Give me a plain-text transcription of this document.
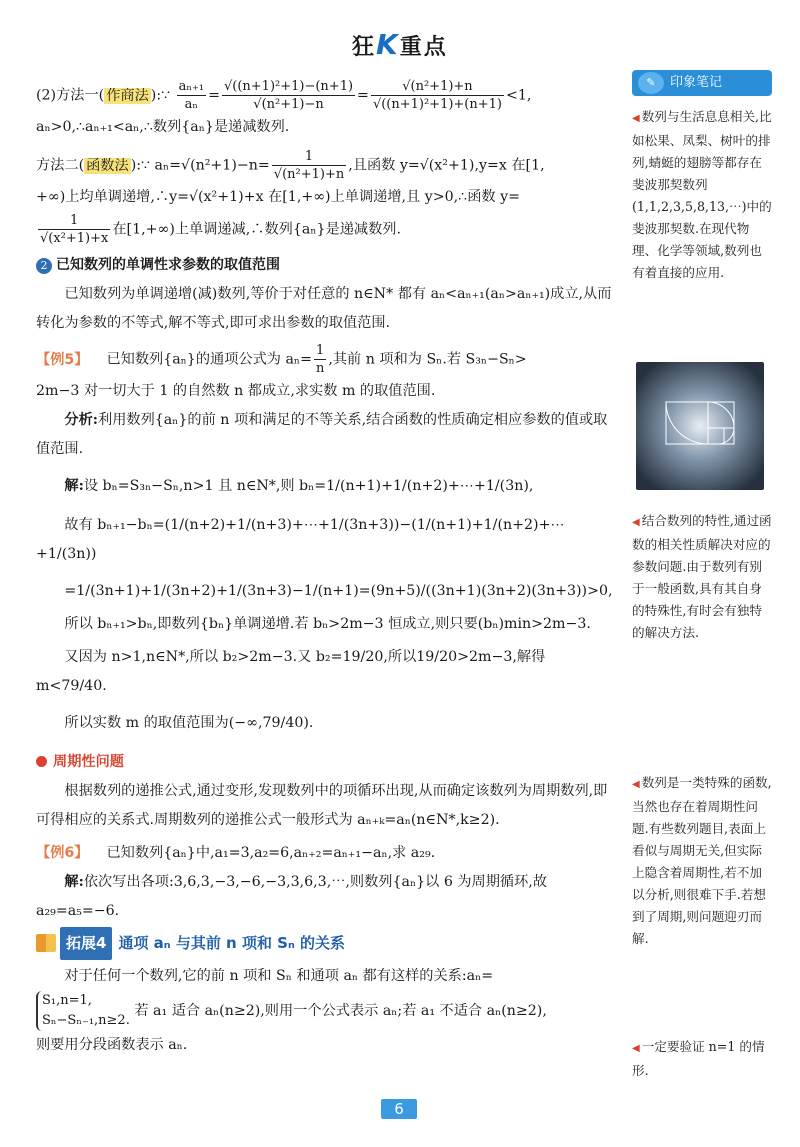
狂K重点

(2)方法一( 作商法 ):∵ $\frac{\text{aₙ₊₁}}{\text{aₙ}} = \frac{\text{√((n+1)²+1)−(n+1)}}{\text{√(n²+1)−n}} = \frac{\text{√(n²+1)+n}}{\text{√((n+1)²+1)+(n+1)}} <1$,

aₙ>0,∴aₙ₊₁<aₙ,∴数列{aₙ}是递减数列.

方法二( 函数法 ):∵ $a_n=√(n^2+1)-n= \frac{1}{\text{√(n²+1)+n}}$ ,且函数 y=√(x²+1),y=x 在[1,

+∞)上均单调递增,∴y=√(x²+1)+x 在[1,+∞)上单调递增,且 y>0,∴函数 y=

$\frac{1}{\text{√(x²+1)+x}}$ 在[1,+∞)上单调递减,∴数列{aₙ}是递减数列.

2 已知数列的单调性求参数的取值范围

已知数列为单调递增(减)数列,等价于对任意的 n∈N* 都有 aₙ<aₙ₊₁(aₙ>aₙ₊₁)成立,从而转化为参数的不等式,解不等式,即可求出参数的取值范围.

【例5】 已知数列{aₙ}的通项公式为 $a_n= \frac{1}{n}$ ,其前 n 项和为 Sₙ.若 S₃ₙ−Sₙ>

2m−3 对一切大于 1 的自然数 n 都成立,求实数 m 的取值范围.

分析:利用数列{aₙ}的前 n 项和满足的不等关系,结合函数的性质确定相应参数的值或取值范围.

解:设 bₙ=S₃ₙ−Sₙ,n>1 且 n∈N*,则 bₙ=1/(n+1)+1/(n+2)+⋯+1/(3n),

故有 bₙ₊₁−bₙ=(1/(n+2)+1/(n+3)+⋯+1/(3n+3))−(1/(n+1)+1/(n+2)+⋯+1/(3n))

=1/(3n+1)+1/(3n+2)+1/(3n+3)−1/(n+1)=(9n+5)/((3n+1)(3n+2)(3n+3))>0,

所以 bₙ₊₁>bₙ,即数列{bₙ}单调递增.若 bₙ>2m−3 恒成立,则只要(bₙ)min>2m−3.

又因为 n>1,n∈N*,所以 b₂>2m−3.又 b₂=19/20,所以19/20>2m−3,解得 m<79/40.

所以实数 m 的取值范围为(−∞,79/40).

周期性问题

根据数列的递推公式,通过变形,发现数列中的项循环出现,从而确定该数列为周期数列,即可得相应的关系式.周期数列的递推公式一般形式为 aₙ₊ₖ=aₙ(n∈N*,k≥2).

【例6】 已知数列{aₙ}中,a₁=3,a₂=6,aₙ₊₂=aₙ₊₁−aₙ,求 a₂₉.

解:依次写出各项:3,6,3,−3,−6,−3,3,6,3,⋯,则数列{aₙ}以 6 为周期循环,故 a₂₉=a₅=−6.

拓展4 通项 aₙ 与其前 n 项和 Sₙ 的关系

对于任何一个数列,它的前 n 项和 Sₙ 和通项 aₙ 都有这样的关系:aₙ=

S₁,n=1,
Sₙ−Sₙ₋₁,n≥2.
若 a₁ 适合 aₙ(n≥2),则用一个公式表示 aₙ;若 a₁ 不适合 aₙ(n≥2),

则要用分段函数表示 aₙ.

✎	印象笔记
◀ 数列与生活息息相关,比如松果、凤梨、树叶的排列,蜻蜓的翅膀等都存在斐波那契数列(1,1,2,3,5,8,13,⋯)中的斐波那契数.在现代物理、化学等领域,数列也有着直接的应用.
◀ 结合数列的特性,通过函数的相关性质解决对应的参数问题.由于数列有别于一般函数,具有其自身的特殊性,有时会有独特的解决方法.
◀ 数列是一类特殊的函数,当然也存在着周期性问题.有些数列题目,表面上看似与周期无关,但实际上隐含着周期性,若不加以分析,则很难下手.若想到了周期,则问题迎刃而解.
◀ 一定要验证 n=1 的情形.
6
